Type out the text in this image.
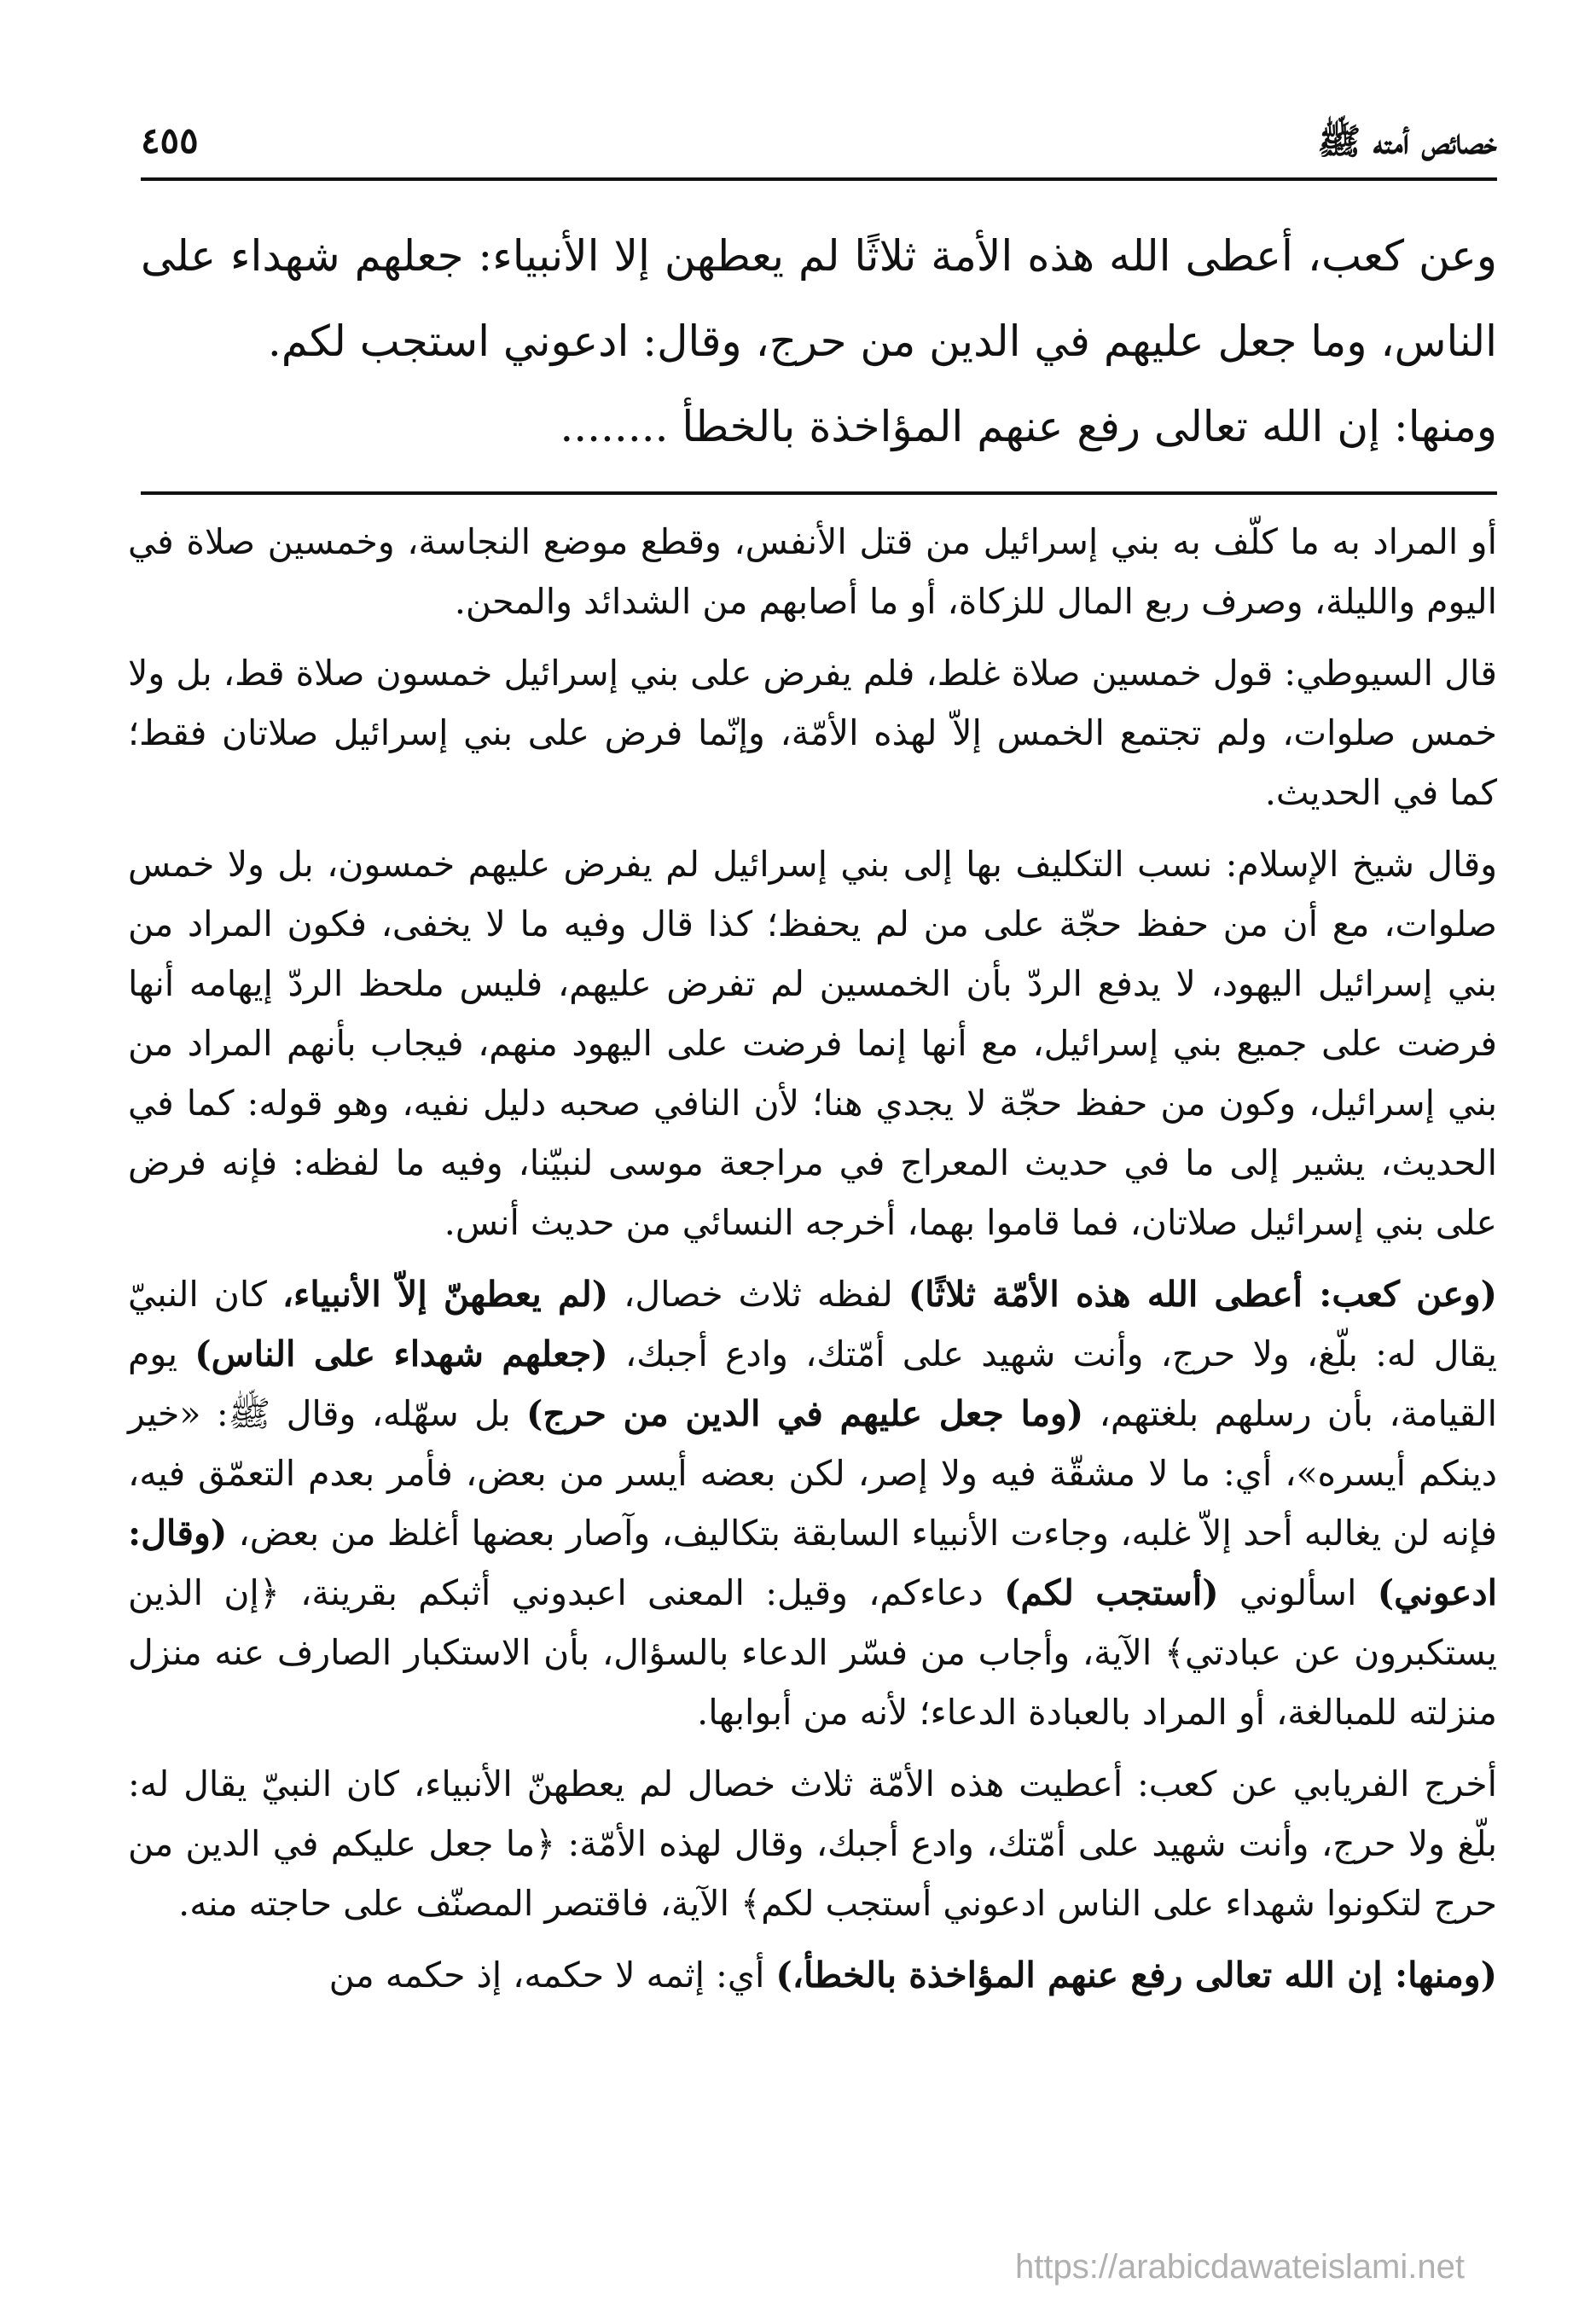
٤٥٥	خصائص أمته ﷺ

وعن كعب، أعطى الله هذه الأمة ثلاثًا لم يعطهن إلا الأنبياء: جعلهم شهداء على الناس، وما جعل عليهم في الدين من حرج، وقال: ادعوني استجب لكم.

ومنها: إن الله تعالى رفع عنهم المؤاخذة بالخطأ ........

أو المراد به ما كلّف به بني إسرائيل من قتل الأنفس، وقطع موضع النجاسة، وخمسين صلاة في اليوم والليلة، وصرف ربع المال للزكاة، أو ما أصابهم من الشدائد والمحن.

قال السيوطي: قول خمسين صلاة غلط، فلم يفرض على بني إسرائيل خمسون صلاة قط، بل ولا خمس صلوات، ولم تجتمع الخمس إلاّ لهذه الأمّة، وإنّما فرض على بني إسرائيل صلاتان فقط؛ كما في الحديث.

وقال شيخ الإسلام: نسب التكليف بها إلى بني إسرائيل لم يفرض عليهم خمسون، بل ولا خمس صلوات، مع أن من حفظ حجّة على من لم يحفظ؛ كذا قال وفيه ما لا يخفى، فكون المراد من بني إسرائيل اليهود، لا يدفع الردّ بأن الخمسين لم تفرض عليهم، فليس ملحظ الردّ إيهامه أنها فرضت على جميع بني إسرائيل، مع أنها إنما فرضت على اليهود منهم، فيجاب بأنهم المراد من بني إسرائيل، وكون من حفظ حجّة لا يجدي هنا؛ لأن النافي صحبه دليل نفيه، وهو قوله: كما في الحديث، يشير إلى ما في حديث المعراج في مراجعة موسى لنبيّنا، وفيه ما لفظه: فإنه فرض على بني إسرائيل صلاتان، فما قاموا بهما، أخرجه النسائي من حديث أنس.

(وعن كعب: أعطى الله هذه الأمّة ثلاثًا) لفظه ثلاث خصال، (لم يعطهنّ إلاّ الأنبياء، كان النبيّ يقال له: بلّغ، ولا حرج، وأنت شهيد على أمّتك، وادع أجبك، (جعلهم شهداء على الناس) يوم القيامة، بأن رسلهم بلغتهم، (وما جعل عليهم في الدين من حرج) بل سهّله، وقال ﷺ: «خير دينكم أيسره»، أي: ما لا مشقّة فيه ولا إصر، لكن بعضه أيسر من بعض، فأمر بعدم التعمّق فيه، فإنه لن يغالبه أحد إلاّ غلبه، وجاءت الأنبياء السابقة بتكاليف، وآصار بعضها أغلظ من بعض، (وقال: ادعوني) اسألوني (أستجب لكم) دعاءكم، وقيل: المعنى اعبدوني أثبكم بقرينة، ﴿إن الذين يستكبرون عن عبادتي﴾ الآية، وأجاب من فسّر الدعاء بالسؤال، بأن الاستكبار الصارف عنه منزل منزلته للمبالغة، أو المراد بالعبادة الدعاء؛ لأنه من أبوابها.

أخرج الفريابي عن كعب: أعطيت هذه الأمّة ثلاث خصال لم يعطهنّ الأنبياء، كان النبيّ يقال له: بلّغ ولا حرج، وأنت شهيد على أمّتك، وادع أجبك، وقال لهذه الأمّة: ﴿ما جعل عليكم في الدين من حرج لتكونوا شهداء على الناس ادعوني أستجب لكم﴾ الآية، فاقتصر المصنّف على حاجته منه.

(ومنها: إن الله تعالى رفع عنهم المؤاخذة بالخطأ،) أي: إثمه لا حكمه، إذ حكمه من

https://arabicdawateislami.net
